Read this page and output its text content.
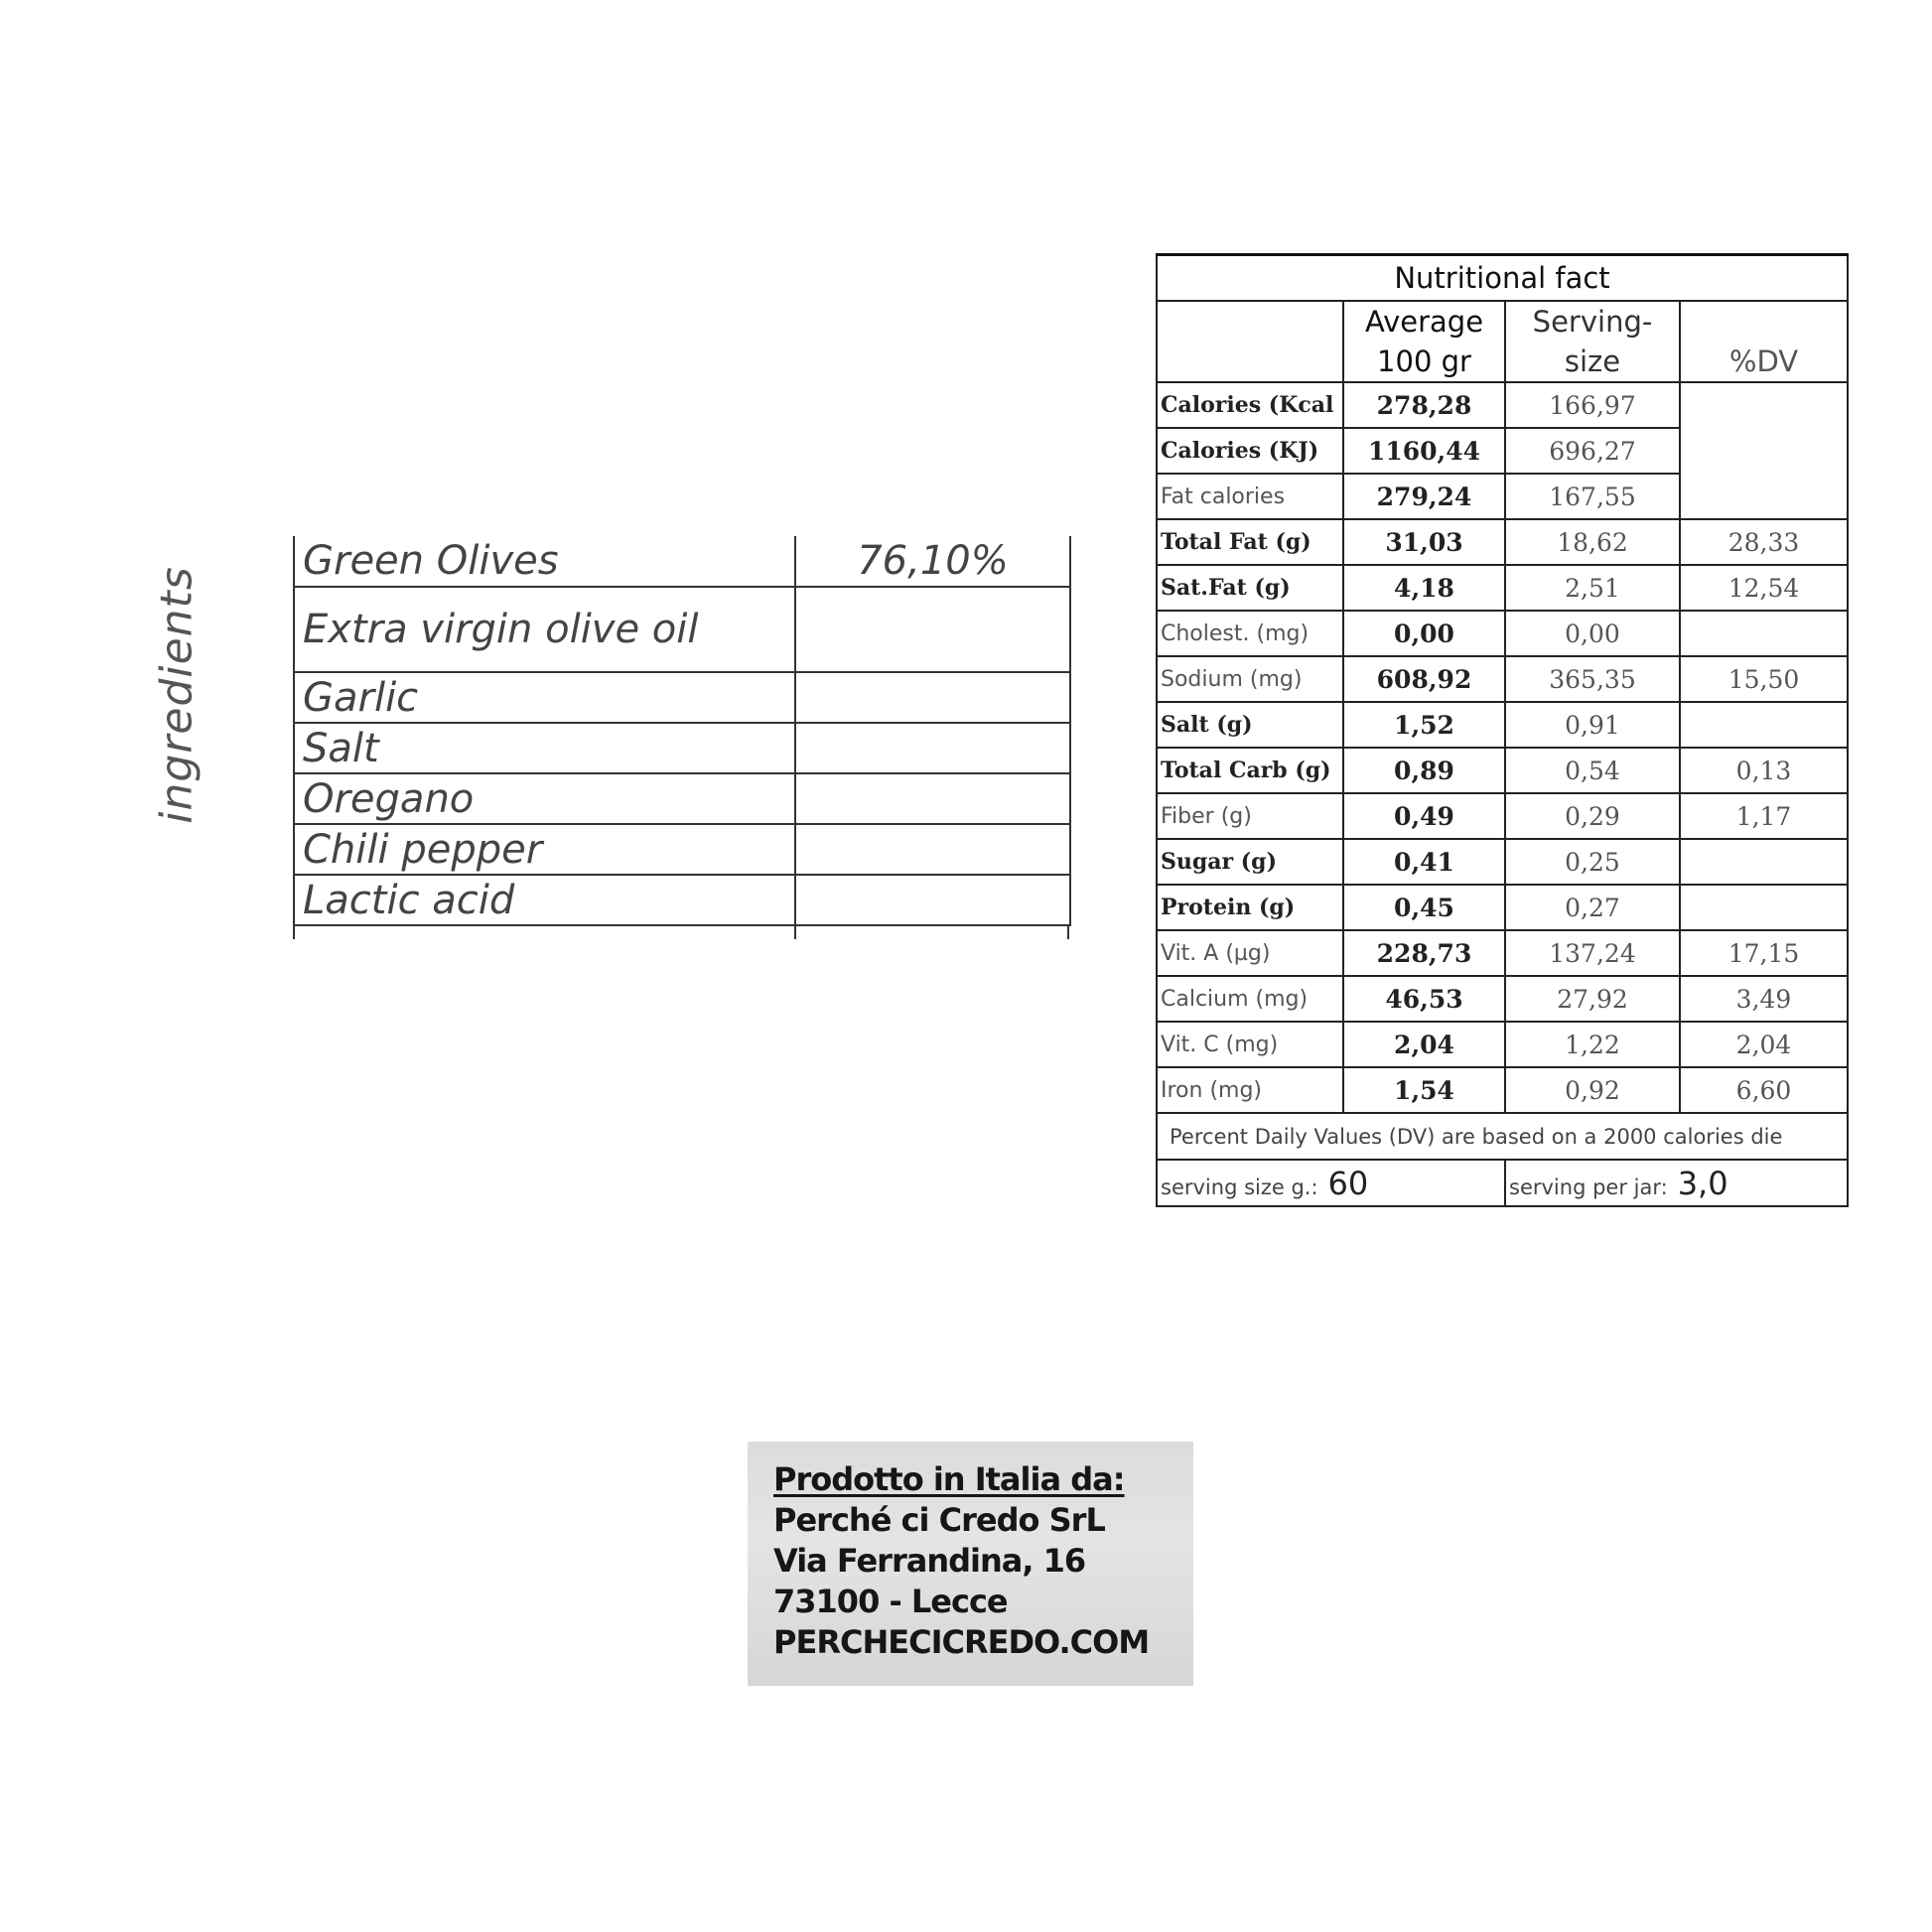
ingredients
Green Olives	76,10%
Extra virgin olive oil	
Garlic	
Salt	
Oregano	
Chili pepper	
Lactic acid	
Nutritional fact			
	Average 100 gr	Serving-size	%DV
Calories (Kcal	278,28	166,97	
Calories (KJ)	1160,44	696,27	
Fat calories	279,24	167,55	
Total Fat (g)	31,03	18,62	28,33
Sat.Fat (g)	4,18	2,51	12,54
Cholest. (mg)	0,00	0,00	
Sodium (mg)	608,92	365,35	15,50
Salt (g)	1,52	0,91	
Total Carb (g)	0,89	0,54	0,13
Fiber (g)	0,49	0,29	1,17
Sugar (g)	0,41	0,25	
Protein (g)	0,45	0,27	
Vit. A (µg)	228,73	137,24	17,15
Calcium (mg)	46,53	27,92	3,49
Vit. C (mg)	2,04	1,22	2,04
Iron (mg)	1,54	0,92	6,60
Percent Daily Values (DV) are based on a 2000 calories die			
serving size g.: 60		serving per jar: 3,0	
Prodotto in Italia da:
Perché ci Credo SrL
Via Ferrandina, 16
73100 - Lecce
PERCHECICREDO.COM
